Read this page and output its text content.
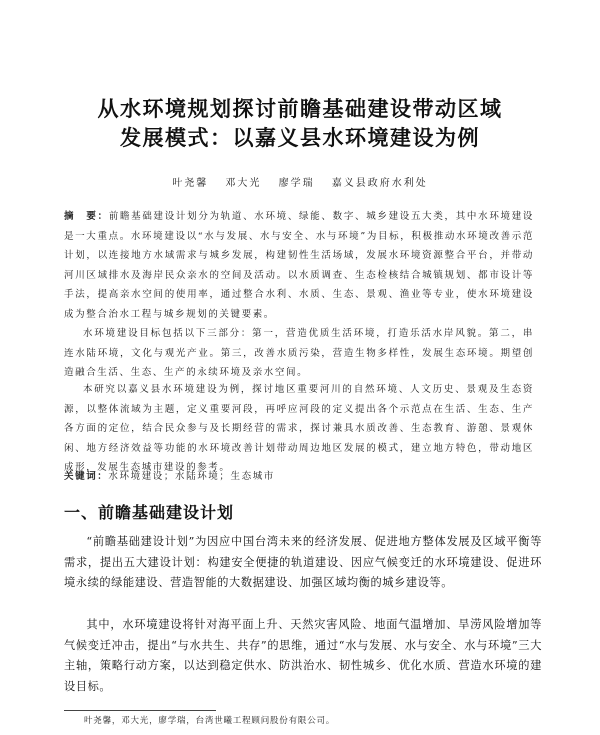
从水环境规划探讨前瞻基础建设带动区域
发展模式：以嘉义县水环境建设为例
叶尧馨 邓大光 廖学瑞 嘉义县政府水利处
摘　要：前瞻基础建设计划分为轨道、水环境、绿能、数字、城乡建设五大类，其中水环境建设是一大重点。水环境建设以“水与发展、水与安全、水与环境”为目标，积极推动水环境改善示范计划，以连接地方水域需求与城乡发展，构建韧性生活场域，发展水环境资源整合平台，并带动河川区域排水及海岸民众亲水的空间及活动。以水质调查、生态检核结合城镇规划、都市设计等手法，提高亲水空间的使用率，通过整合水利、水质、生态、景观、渔业等专业，使水环境建设成为整合治水工程与城乡规划的关键要素。
水环境建设目标包括以下三部分：第一，营造优质生活环境，打造乐活水岸风貌。第二，串连水陆环境，文化与观光产业。第三，改善水质污染，营造生物多样性，发展生态环境。期望创造融合生活、生态、生产的永续环境及亲水空间。
本研究以嘉义县水环境建设为例，探讨地区重要河川的自然环境、人文历史、景观及生态资源，以整体流域为主题，定义重要河段，再呼应河段的定义提出各个示范点在生活、生态、生产各方面的定位，结合民众参与及长期经营的需求，探讨兼具水质改善、生态教育、游憩、景观休闲、地方经济效益等功能的水环境改善计划带动周边地区发展的模式，建立地方特色，带动地区成形，发展生态城市建设的参考。
关键词：水环境建设；水陆环境；生态城市
一、前瞻基础建设计划
“前瞻基础建设计划”为因应中国台湾未来的经济发展、促进地方整体发展及区域平衡等需求，提出五大建设计划：构建安全便捷的轨道建设、因应气候变迁的水环境建设、促进环境永续的绿能建设、营造智能的大数据建设、加强区域均衡的城乡建设等。
其中，水环境建设将针对海平面上升、天然灾害风险、地面气温增加、旱涝风险增加等气候变迁冲击，提出“与水共生、共存”的思维，通过“水与发展、水与安全、水与环境”三大主轴，策略行动方案，以达到稳定供水、防洪治水、韧性城乡、优化水质、营造水环境的建设目标。
叶尧馨，邓大光，廖学瑞，台湾世曦工程顾问股份有限公司。
